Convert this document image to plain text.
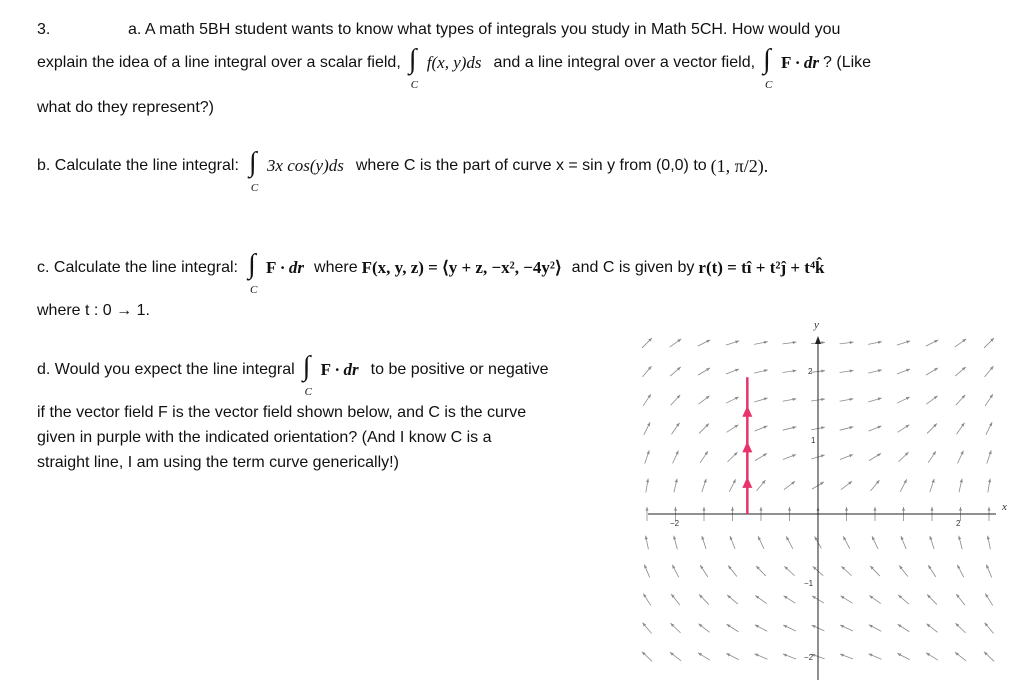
3.	a. A math 5BH student wants to know what types of integrals you study in Math 5CH. How would you
explain the idea of a line integral over a scalar field, ∫
C
f(x, y)ds and a line integral over a vector field, ∫
C
F · dr ? (Like
what do they represent?)
b. Calculate the line integral: ∫
C
3x cos(y)ds where C is the part of curve x = sin y from (0,0) to (1, π/2).
c. Calculate the line integral: ∫
C
F · dr where F(x, y, z) = ⟨y + z, −x², −4y²⟩ and C is given by r(t) = tî + t²ĵ + t⁴k̂
where t : 0 → 1.
d. Would you expect the line integral ∫
C
F · dr to be positive or negative
if the vector field F is the vector field shown below, and C is the curve
given in purple with the indicated orientation? (And I know C is a
straight line, I am using the term curve generically!)
x
y
2
1
−1
−2
−2	2
